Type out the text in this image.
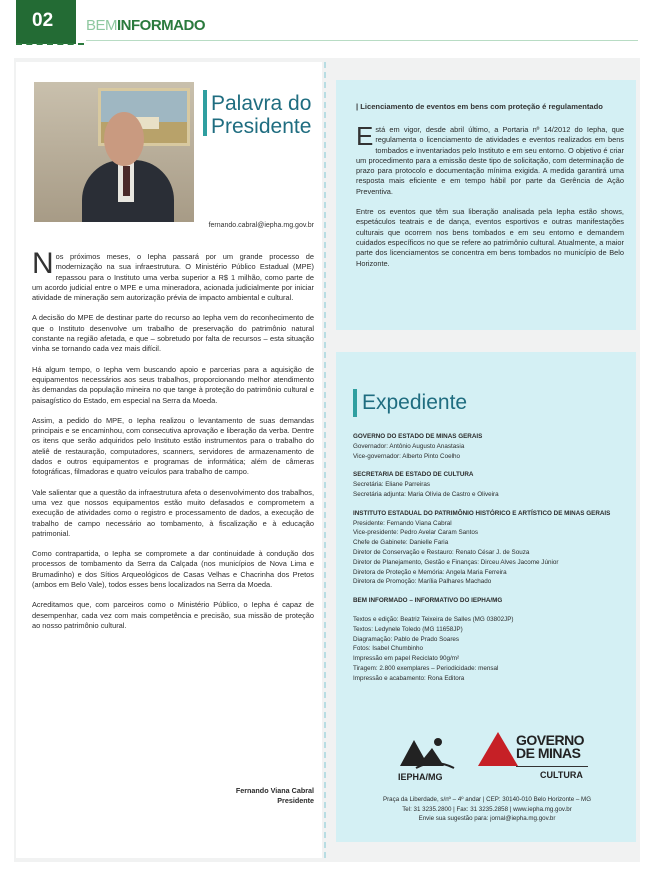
02	BEMINFORMADO
Palavra do
Presidente
fernando.cabral@iepha.mg.gov.br

Nos próximos meses, o Iepha passará por um grande processo de modernização na sua infraestrutura. O Ministério Público Estadual (MPE) repassou para o Instituto uma verba superior a R$ 1 milhão, como parte de um acordo judicial entre o MPE e uma mineradora, acionada judicialmente por iniciar atividade de mineração sem autorização prévia de impacto ambiental e cultural.

A decisão do MPE de destinar parte do recurso ao Iepha vem do reconhecimento de que o Instituto desenvolve um trabalho de preservação do patrimônio natural constante na região afetada, e que – sobretudo por falta de recursos – esta situação vinha se tornando cada vez mais difícil.

Há algum tempo, o Iepha vem buscando apoio e parcerias para a aquisição de equipamentos necessários aos seus trabalhos, proporcionando melhor atendimento às demandas da população mineira no que tange à proteção do patrimônio cultural e paisagístico do Estado, em especial na Serra da Moeda.

Assim, a pedido do MPE, o Iepha realizou o levantamento de suas demandas principais e se encaminhou, com consecutiva aprovação e liberação da verba. Dentre os itens que serão adquiridos pelo Instituto estão instrumentos para o trabalho do ateliê de restauração, computadores, scanners, servidores de armazenamento de dados e outros equipamentos e programas de informática; além de câmeras fotográficas, filmadoras e quatro veículos para trabalho de campo.

Vale salientar que a questão da infraestrutura afeta o desenvolvimento dos trabalhos, uma vez que nossos equipamentos estão muito defasados e comprometem a execução de atividades como o registro e processamento de dados, a execução de trabalho de campo necessário ao tombamento, à fiscalização e à educação patrimonial.

Como contrapartida, o Iepha se compromete a dar continuidade à condução dos processos de tombamento da Serra da Calçada (nos municípios de Nova Lima e Brumadinho) e dos Sítios Arqueológicos de Casas Velhas e Chacrinha dos Pretos (ambos em Belo Vale), todos esses bens localizados na Serra da Moeda.

Acreditamos que, com parceiros como o Ministério Público, o Iepha é capaz de desempenhar, cada vez com mais competência e precisão, sua missão de proteção ao nosso patrimônio cultural.

Fernando Viana Cabral
Presidente
| Licenciamento de eventos em bens com proteção é regulamentado

Está em vigor, desde abril último, a Portaria nº 14/2012 do Iepha, que regulamenta o licenciamento de atividades e eventos realizados em bens tombados e inventariados pelo Instituto e em seu entorno. O objetivo é criar um procedimento para a emissão deste tipo de solicitação, com determinação de prazo para protocolo e documentação mínima exigida. A medida garantirá uma resposta mais eficiente e em tempo hábil por parte da Gerência de Ação Preventiva.

Entre os eventos que têm sua liberação analisada pela Iepha estão shows, espetáculos teatrais e de dança, eventos esportivos e outras manifestações culturais que ocorrem nos bens tombados e em seu entorno e demandem cuidados específicos no que se refere ao patrimônio cultural. Atualmente, a maior parte dos licenciamentos se concentra em bens tombados no município de Belo Horizonte.

Expediente
GOVERNO DO ESTADO DE MINAS GERAIS
Governador: Antônio Augusto Anastasia
Vice-governador: Alberto Pinto Coelho
SECRETARIA DE ESTADO DE CULTURA
Secretária: Eliane Parreiras
Secretária adjunta: Maria Olívia de Castro e Oliveira
INSTITUTO ESTADUAL DO PATRIMÔNIO HISTÓRICO E ARTÍSTICO DE MINAS GERAIS
Presidente: Fernando Viana Cabral
Vice-presidente: Pedro Avelar Caram Santos
Chefe de Gabinete: Danielle Faria
Diretor de Conservação e Restauro: Renato César J. de Souza
Diretor de Planejamento, Gestão e Finanças: Dirceu Alves Jacome Júnior
Diretora de Proteção e Memória: Angela Maria Ferreira
Diretora de Promoção: Marília Palhares Machado
BEM INFORMADO – INFORMATIVO DO IEPHA/MG
Textos e edição: Beatriz Teixeira de Salles (MG 03802JP)
Textos: Ledynele Toledo (MG 11658JP)
Diagramação: Pablo de Prado Soares
Fotos: Isabel Chumbinho
Impressão em papel Reciclato 90g/m²
Tiragem: 2.800 exemplares – Periodicidade: mensal
Impressão e acabamento: Rona Editora
IEPHA/MG
GOVERNO
DE MINAS
CULTURA
Praça da Liberdade, s/nº – 4º andar | CEP: 30140-010 Belo Horizonte – MG
Tel: 31 3235.2800 | Fax: 31 3235.2858 | www.iepha.mg.gov.br
Envie sua sugestão para: jornal@iepha.mg.gov.br
